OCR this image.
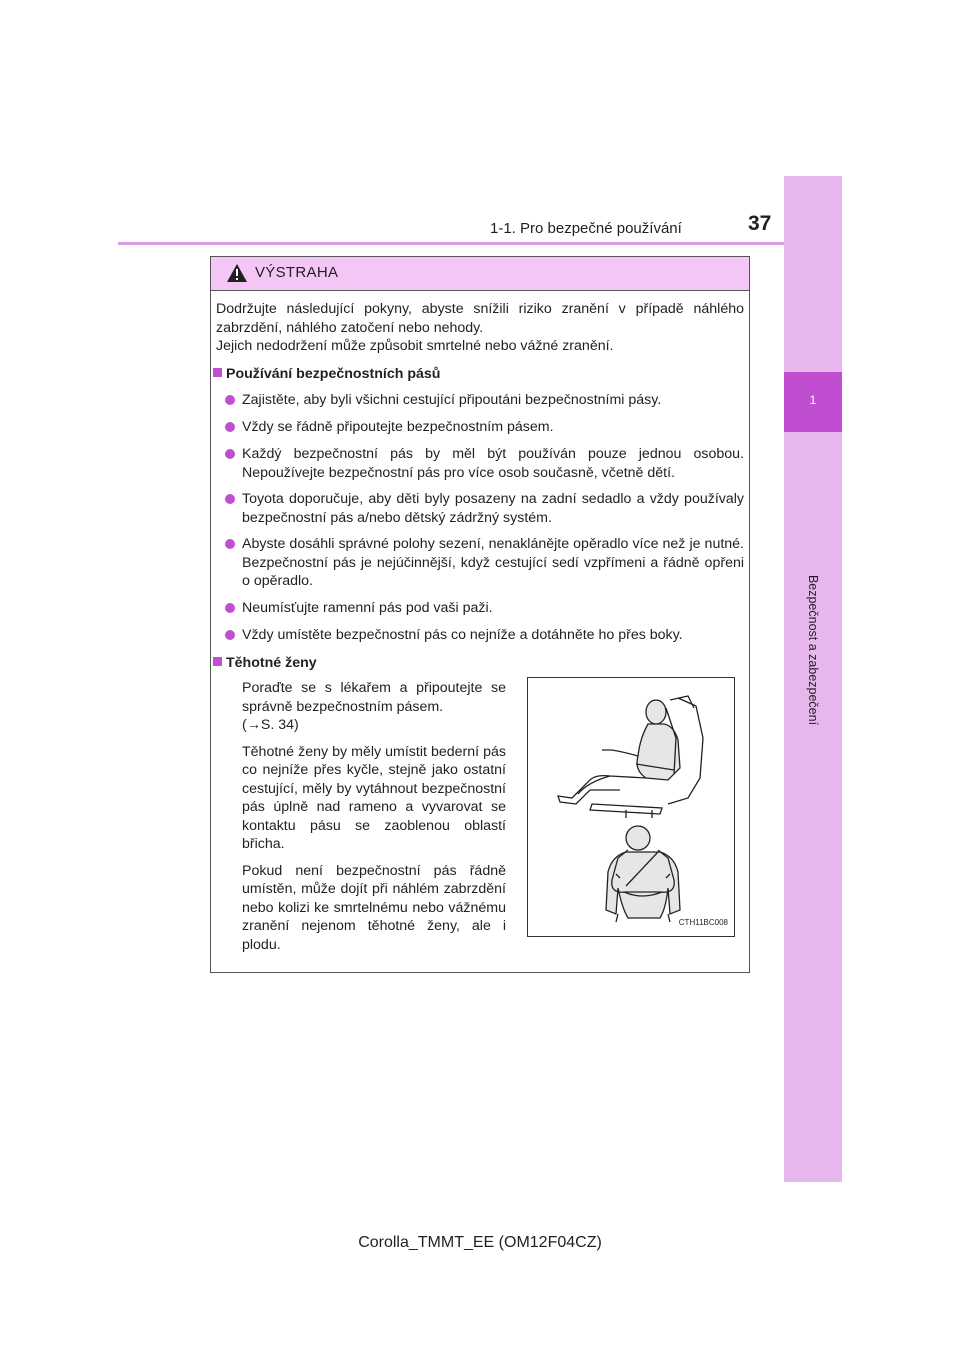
1-1. Pro bezpečné používání	37
1
Bezpečnost a zabezpečení
VÝSTRAHA

Dodržujte následující pokyny, abyste snížili riziko zranění v případě náhlého zabrzdění, náhlého zatočení nebo nehody.

Jejich nedodržení může způsobit smrtelné nebo vážné zranění.

Používání bezpečnostních pásů
Zajistěte, aby byli všichni cestující připoutáni bezpečnostními pásy.
Vždy se řádně připoutejte bezpečnostním pásem.
Každý bezpečnostní pás by měl být používán pouze jednou osobou. Nepoužívejte bezpečnostní pás pro více osob současně, včetně dětí.
Toyota doporučuje, aby děti byly posazeny na zadní sedadlo a vždy používaly bezpečnostní pás a/nebo dětský zádržný systém.
Abyste dosáhli správné polohy sezení, nenaklánějte opěradlo více než je nutné. Bezpečnostní pás je nejúčinnější, když cestující sedí vzpřímeni a řádně opřeni o opěradlo.
Neumísťujte ramenní pás pod vaši paži.
Vždy umístěte bezpečnostní pás co nejníže a dotáhněte ho přes boky.
Těhotné ženy

Poraďte se s lékařem a připoutejte se správně bezpečnostním pásem.

(→S. 34)

Těhotné ženy by měly umístit bederní pás co nejníže přes kyčle, stejně jako ostatní cestující, měly by vytáhnout bezpečnostní pás úplně nad rameno a vyvarovat se kontaktu pásu se zaoblenou oblastí břicha.

Pokud není bezpečnostní pás řádně umístěn, může dojít při náhlém zabrzdění nebo kolizi ke smrtelnému nebo vážnému zranění nejenom těhotné ženy, ale i plodu.

CTH11BC008
Corolla_TMMT_EE (OM12F04CZ)
